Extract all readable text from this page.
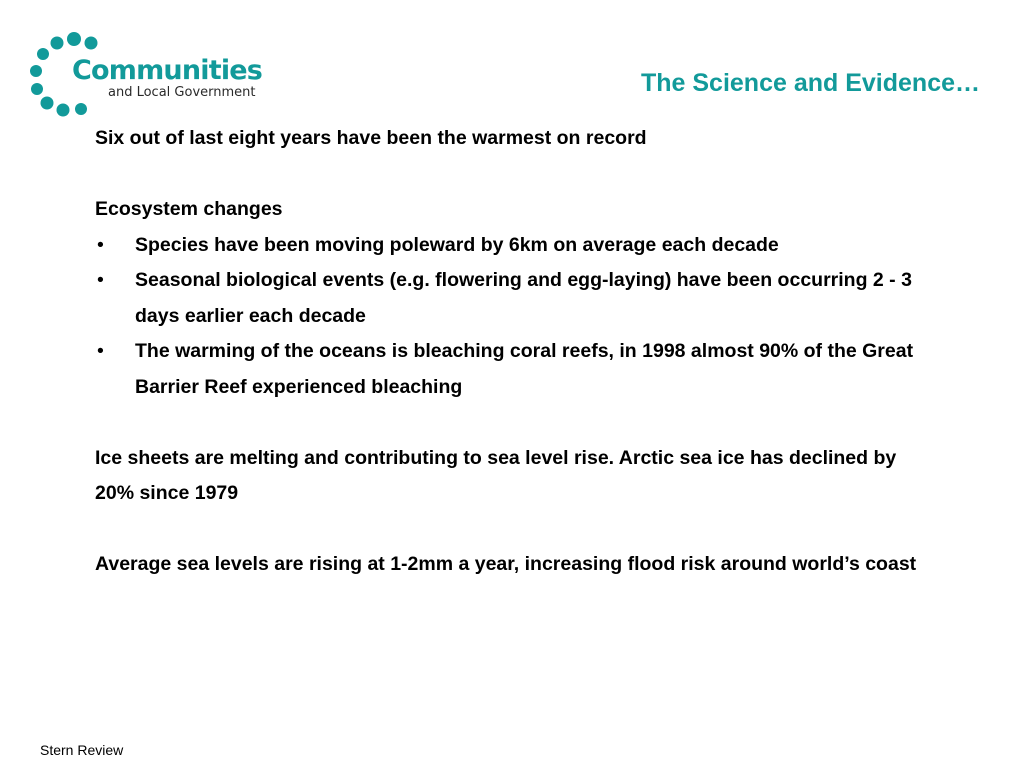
Communities
and Local Government	The Science and Evidence…

Six out of last eight years have been the warmest on record

Ecosystem changes

• Species have been moving poleward by 6km on average each decade
• Seasonal biological events (e.g. flowering and egg-laying) have been occurring 2 - 3 days earlier each decade
• The warming of the oceans is bleaching coral reefs, in 1998 almost 90% of the Great Barrier Reef experienced bleaching

Ice sheets are melting and contributing to sea level rise. Arctic sea ice has declined by 20% since 1979

Average sea levels are rising at 1-2mm a year, increasing flood risk around world’s coast

Stern Review
